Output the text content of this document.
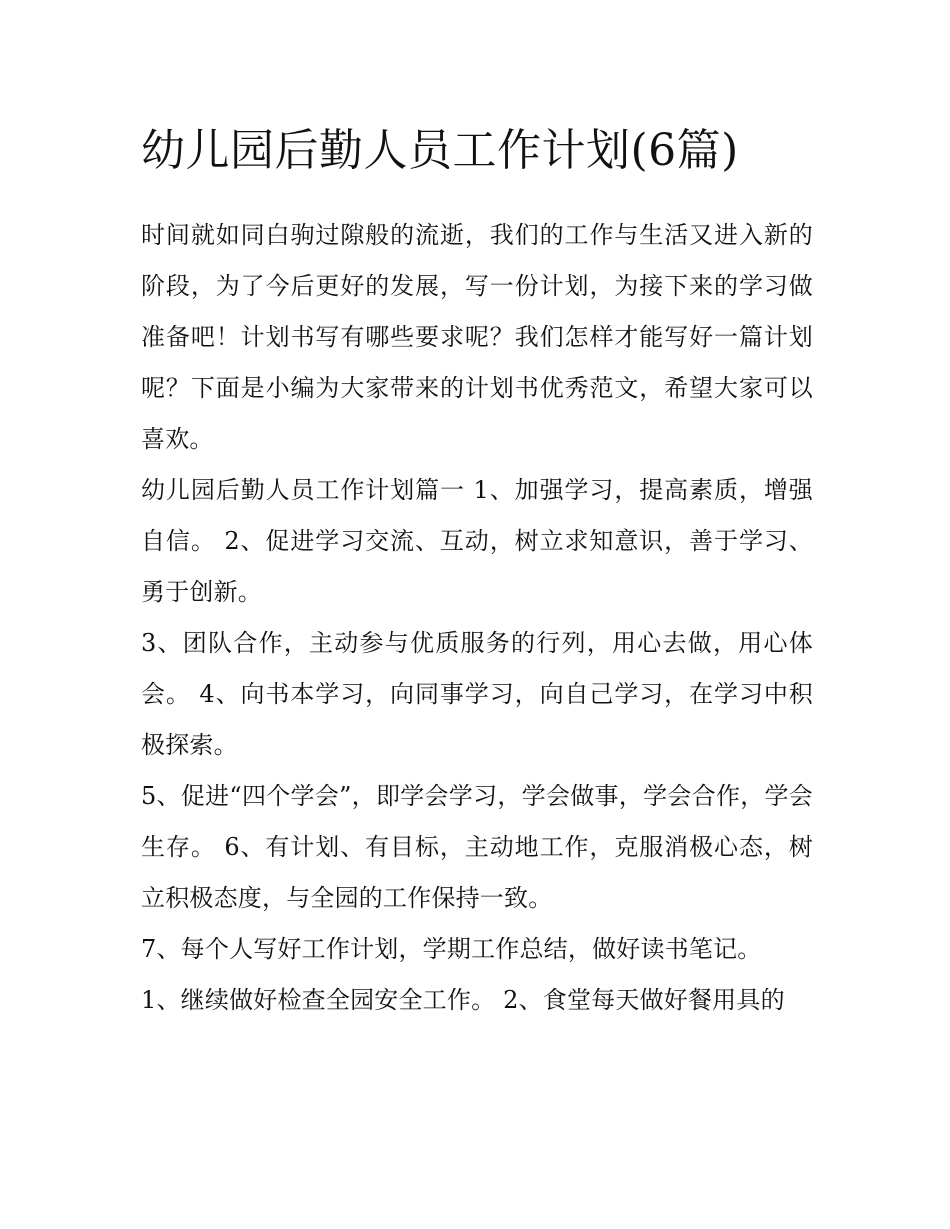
幼儿园后勤人员工作计划(6篇)

时间就如同白驹过隙般的流逝，我们的工作与生活又进入新的阶段，为了今后更好的发展，写一份计划，为接下来的学习做准备吧！计划书写有哪些要求呢？我们怎样才能写好一篇计划呢？下面是小编为大家带来的计划书优秀范文，希望大家可以喜欢。

幼儿园后勤人员工作计划篇一 1、加强学习，提高素质，增强自信。 2、促进学习交流、互动，树立求知意识，善于学习、勇于创新。

3、团队合作，主动参与优质服务的行列，用心去做，用心体会。 4、向书本学习，向同事学习，向自己学习，在学习中积极探索。

5、促进“四个学会”，即学会学习，学会做事，学会合作，学会生存。 6、有计划、有目标，主动地工作，克服消极心态，树立积极态度，与全园的工作保持一致。

7、每个人写好工作计划，学期工作总结，做好读书笔记。

1、继续做好检查全园安全工作。 2、食堂每天做好餐用具的
